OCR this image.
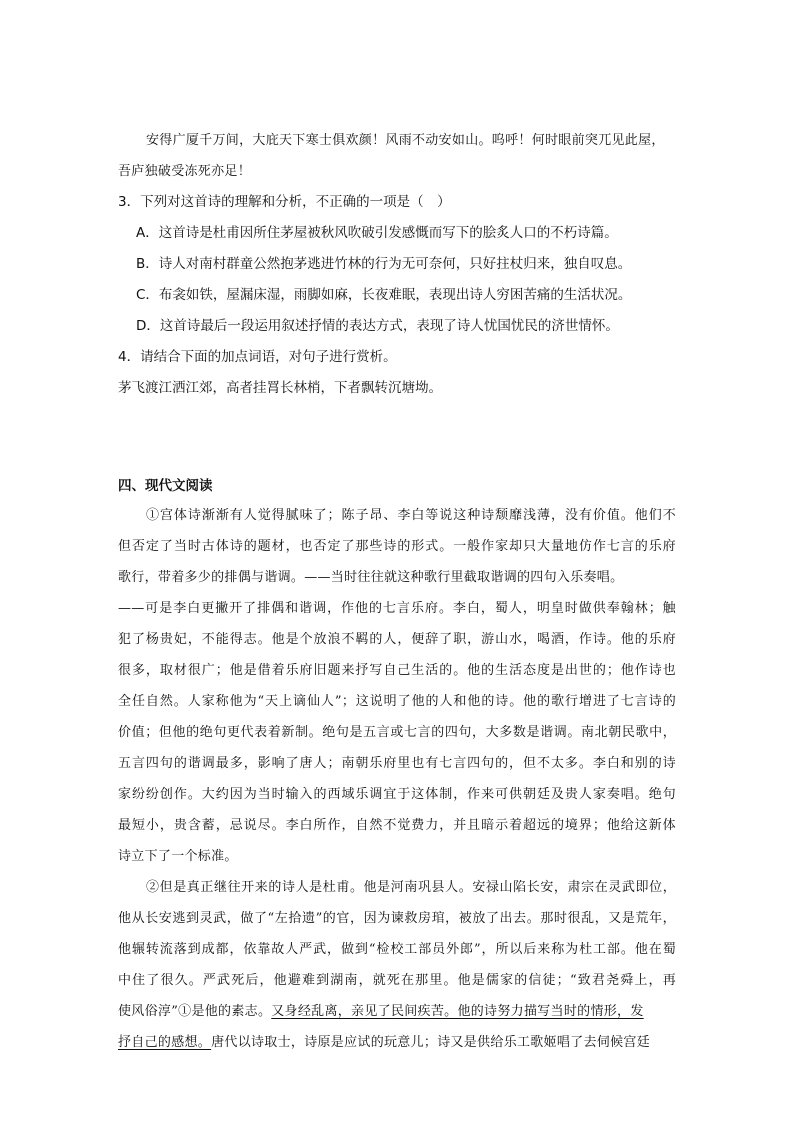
安得广厦千万间，大庇天下寒士俱欢颜！风雨不动安如山。呜呼！何时眼前突兀见此屋，

吾庐独破受冻死亦足！

3．下列对这首诗的理解和分析，不正确的一项是（　）

A．这首诗是杜甫因所住茅屋被秋风吹破引发感慨而写下的脍炙人口的不朽诗篇。

B．诗人对南村群童公然抱茅逃进竹林的行为无可奈何，只好拄杖归来，独自叹息。

C．布衾如铁，屋漏床湿，雨脚如麻，长夜难眠，表现出诗人穷困苦痛的生活状况。

D．这首诗最后一段运用叙述抒情的表达方式，表现了诗人忧国忧民的济世情怀。

4．请结合下面的加点词语，对句子进行赏析。

茅飞渡江洒江郊，高者挂罥长林梢，下者飘转沉塘坳。

四、现代文阅读

①宫体诗渐渐有人觉得腻味了；陈子昂、李白等说这种诗颓靡浅薄，没有价值。他们不

但否定了当时古体诗的题材，也否定了那些诗的形式。一般作家却只大量地仿作七言的乐府

歌行，带着多少的排偶与谐调。——当时往往就这种歌行里截取谐调的四句入乐奏唱。

——可是李白更撇开了排偶和谐调，作他的七言乐府。李白，蜀人，明皇时做供奉翰林；触

犯了杨贵妃，不能得志。他是个放浪不羁的人，便辞了职，游山水，喝酒，作诗。他的乐府

很多，取材很广；他是借着乐府旧题来抒写自己生活的。他的生活态度是出世的；他作诗也

全任自然。人家称他为“天上谪仙人”；这说明了他的人和他的诗。他的歌行增进了七言诗的

价值；但他的绝句更代表着新制。绝句是五言或七言的四句，大多数是谐调。南北朝民歌中，

五言四句的谐调最多，影响了唐人；南朝乐府里也有七言四句的，但不太多。李白和别的诗

家纷纷创作。大约因为当时输入的西域乐调宜于这体制，作来可供朝廷及贵人家奏唱。绝句

最短小，贵含蓄，忌说尽。李白所作，自然不觉费力，并且暗示着超远的境界；他给这新体

诗立下了一个标准。

②但是真正继往开来的诗人是杜甫。他是河南巩县人。安禄山陷长安，肃宗在灵武即位，

他从长安逃到灵武，做了“左拾遗”的官，因为谏救房琯，被放了出去。那时很乱，又是荒年，

他辗转流落到成都，依靠故人严武，做到“检校工部员外郎”，所以后来称为杜工部。他在蜀

中住了很久。严武死后，他避难到湖南，就死在那里。他是儒家的信徒；“致君尧舜上，再

使风俗淳”①是他的素志。又身经乱离，亲见了民间疾苦。他的诗努力描写当时的情形，发

抒自己的感想。唐代以诗取士，诗原是应试的玩意儿；诗又是供给乐工歌姬唱了去伺候宫廷
